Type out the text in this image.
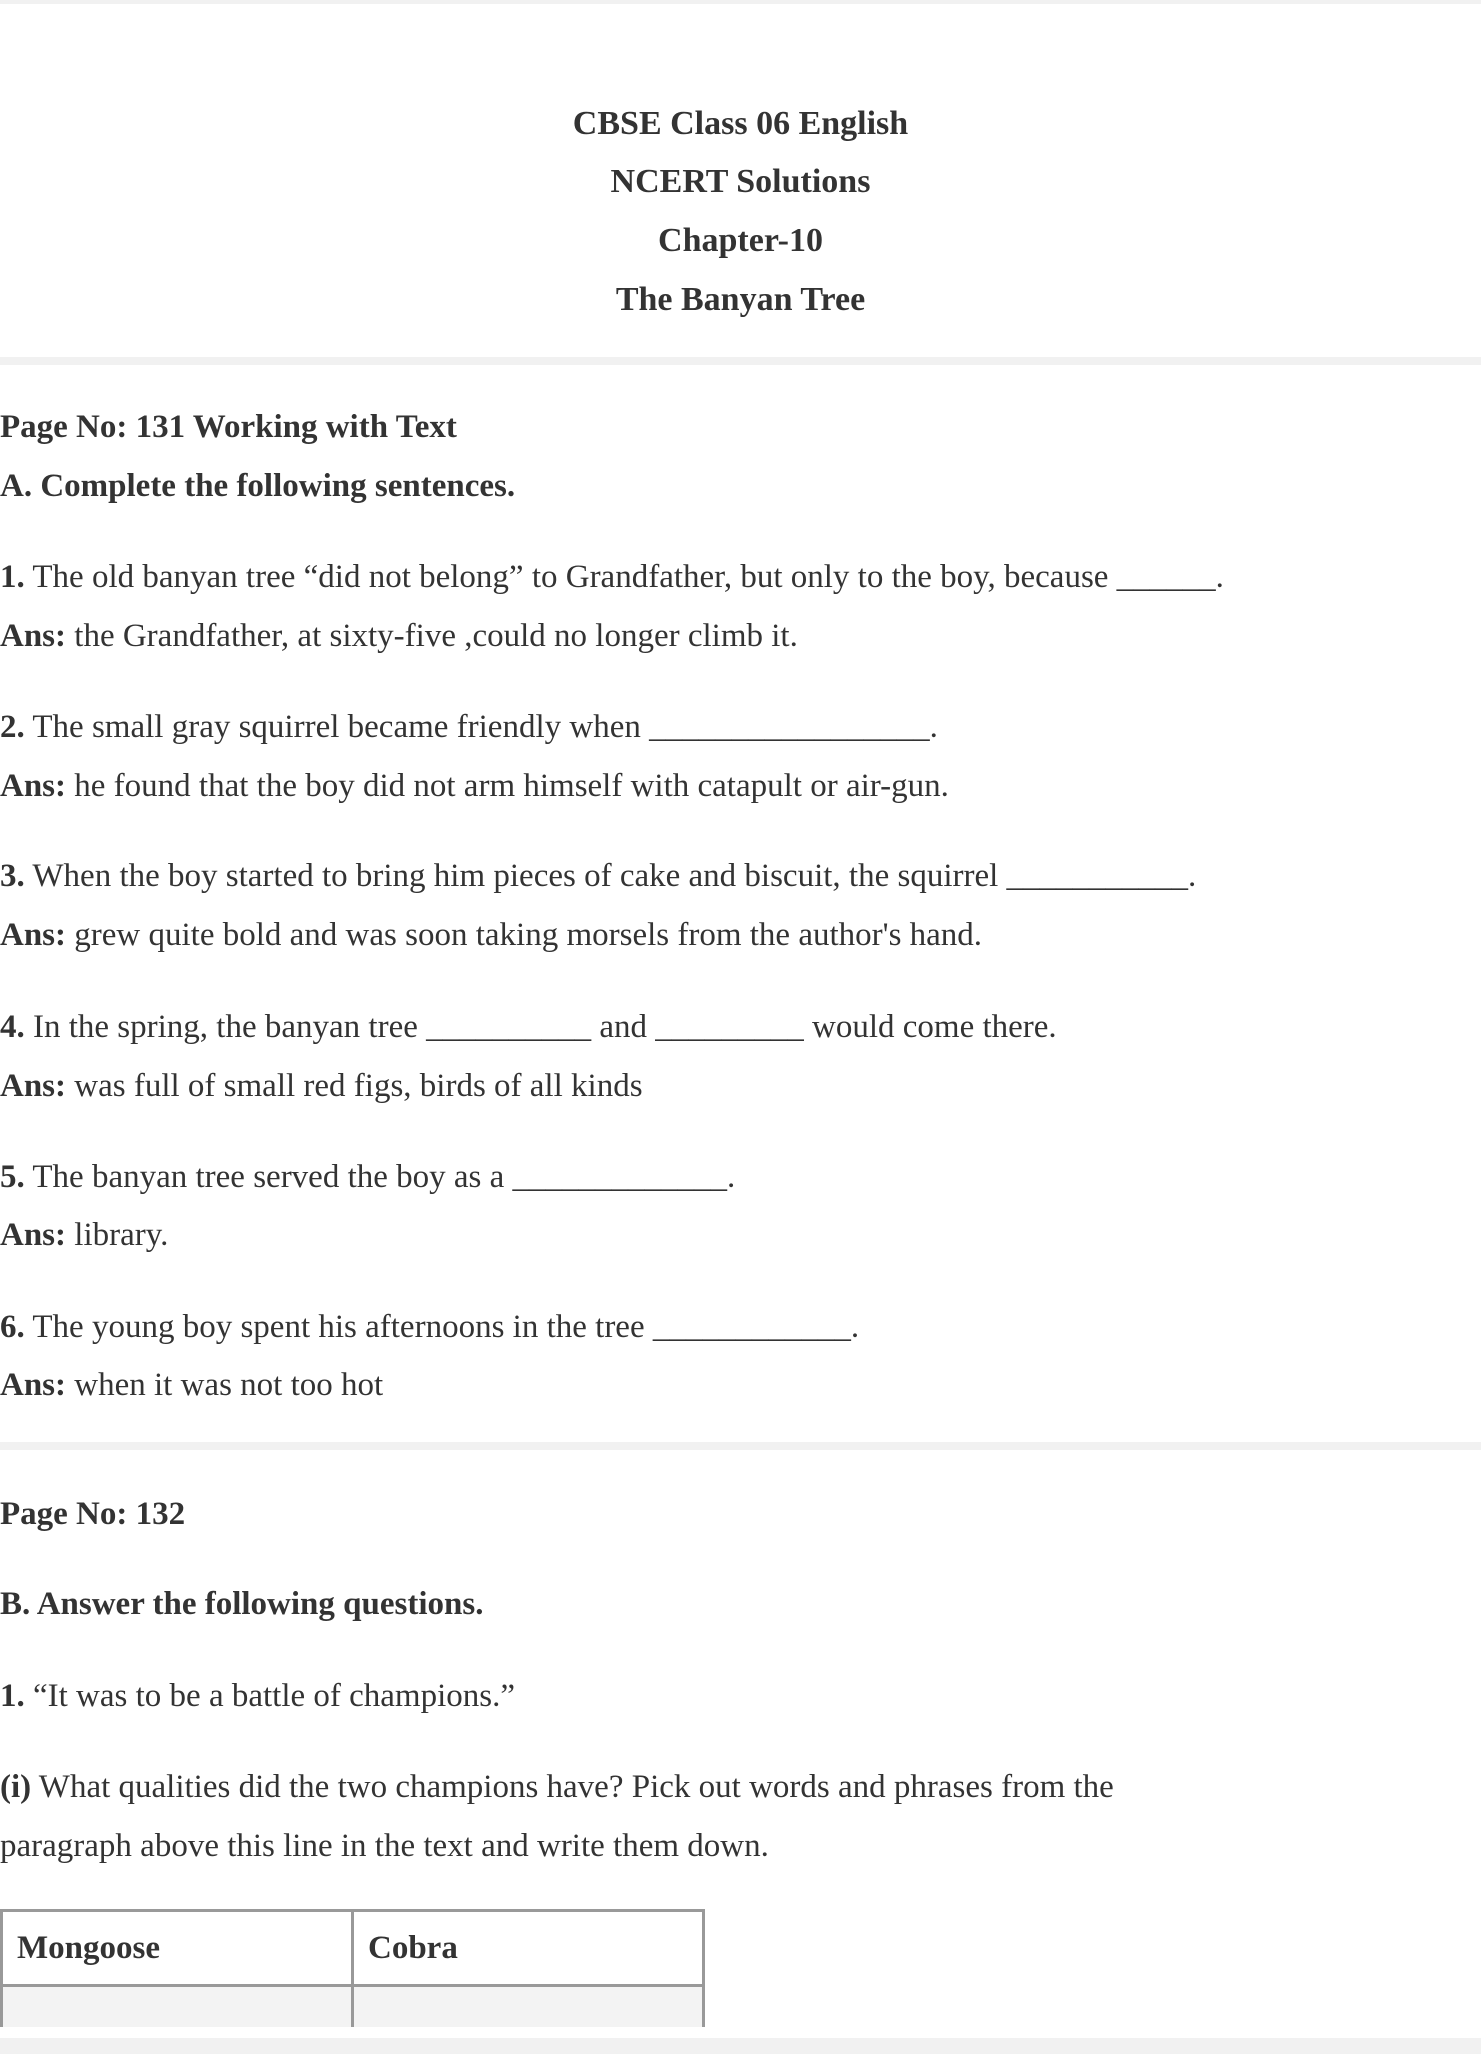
CBSE Class 06 English
NCERT Solutions
Chapter-10
The Banyan Tree
Page No: 131 Working with Text
A. Complete the following sentences.
1. The old banyan tree “did not belong” to Grandfather, but only to the boy, because ______.
Ans: the Grandfather, at sixty-five ,could no longer climb it.
2. The small gray squirrel became friendly when _________________.
Ans: he found that the boy did not arm himself with catapult or air-gun.
3. When the boy started to bring him pieces of cake and biscuit, the squirrel ___________.
Ans: grew quite bold and was soon taking morsels from the author's hand.
4. In the spring, the banyan tree __________ and _________ would come there.
Ans: was full of small red figs, birds of all kinds
5. The banyan tree served the boy as a _____________.
Ans: library.
6. The young boy spent his afternoons in the tree ____________.
Ans: when it was not too hot
Page No: 132
B. Answer the following questions.
1. “It was to be a battle of champions.”
(i) What qualities did the two champions have? Pick out words and phrases from the
paragraph above this line in the text and write them down.
Mongoose	Cobra
